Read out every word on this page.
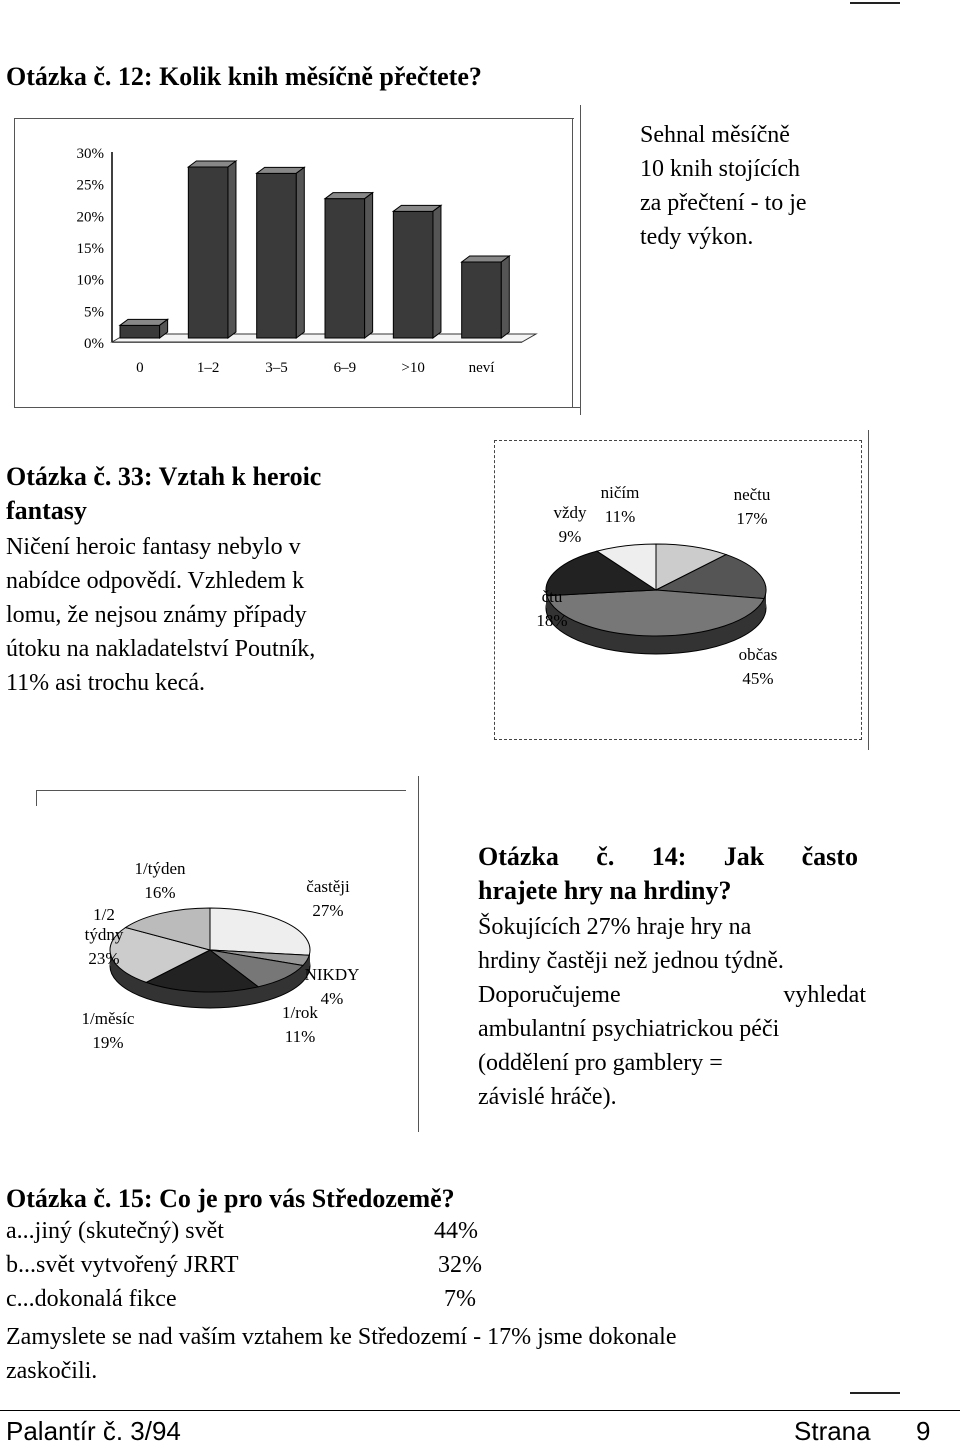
Otázka č. 12: Kolik knih měsíčně přečtete?
30%
25%
20%
15%
10%
5%
0%
0	1–2	3–5	6–9	>10	neví
Sehnal měsíčně
10 knih stojících
za přečtení - to je
tedy výkon.
Otázka č. 33: Vztah k heroic
fantasy
Ničení heroic fantasy nebylo v
nabídce odpovědí. Vzhledem k
lomu, že nejsou známy případy
útoku na nakladatelství Poutník,
11% asi trochu kecá.
ničím
11%
nečtu
17%
občas
45%
čtu
18%
vždy
9%
častěji
27%
NIKDY
4%
1/rok
11%
1/měsíc
19%
1/2
týdny
23%
1/týden
16%
Otázka č. 14: Jak často
hrajete hry na hrdiny?
Šokujících 27% hraje hry na
hrdiny častěji než jednou týdně.
Doporučujeme	vyhledat
ambulantní psychiatrickou péči
(oddělení pro gamblery =
závislé hráče).
Otázka č. 15: Co je pro vás Středozemě?
a...jiný (skutečný) svět	44%
b...svět vytvořený JRRT	32%
c...dokonalá fikce	7%
Zamyslete se nad vaším vztahem ke Středozemí - 17% jsme dokonale
zaskočili.
Palantír č. 3/94	Strana 9
